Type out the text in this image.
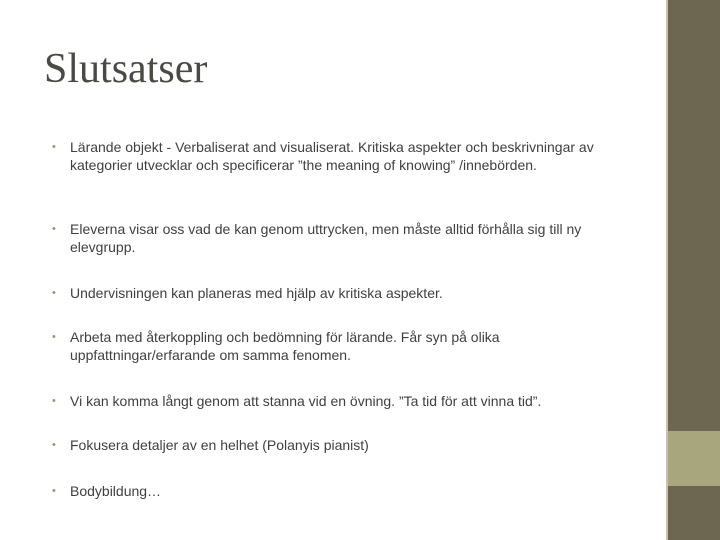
Slutsatser
•	Lärande objekt - Verbaliserat and visualiserat. Kritiska aspekter och beskrivningar av kategorier utvecklar och specificerar ”the meaning of knowing” /innebörden.
•	Eleverna visar oss vad de kan genom uttrycken, men måste alltid förhålla sig till ny elevgrupp.
•	Undervisningen kan planeras med hjälp av kritiska aspekter.
•	Arbeta med återkoppling och bedömning för lärande. Får syn på olika uppfattningar/erfarande om samma fenomen.
•	Vi kan komma långt genom att stanna vid en övning. ”Ta tid för att vinna tid”.
•	Fokusera detaljer av en helhet (Polanyis pianist)
•	Bodybildung…
